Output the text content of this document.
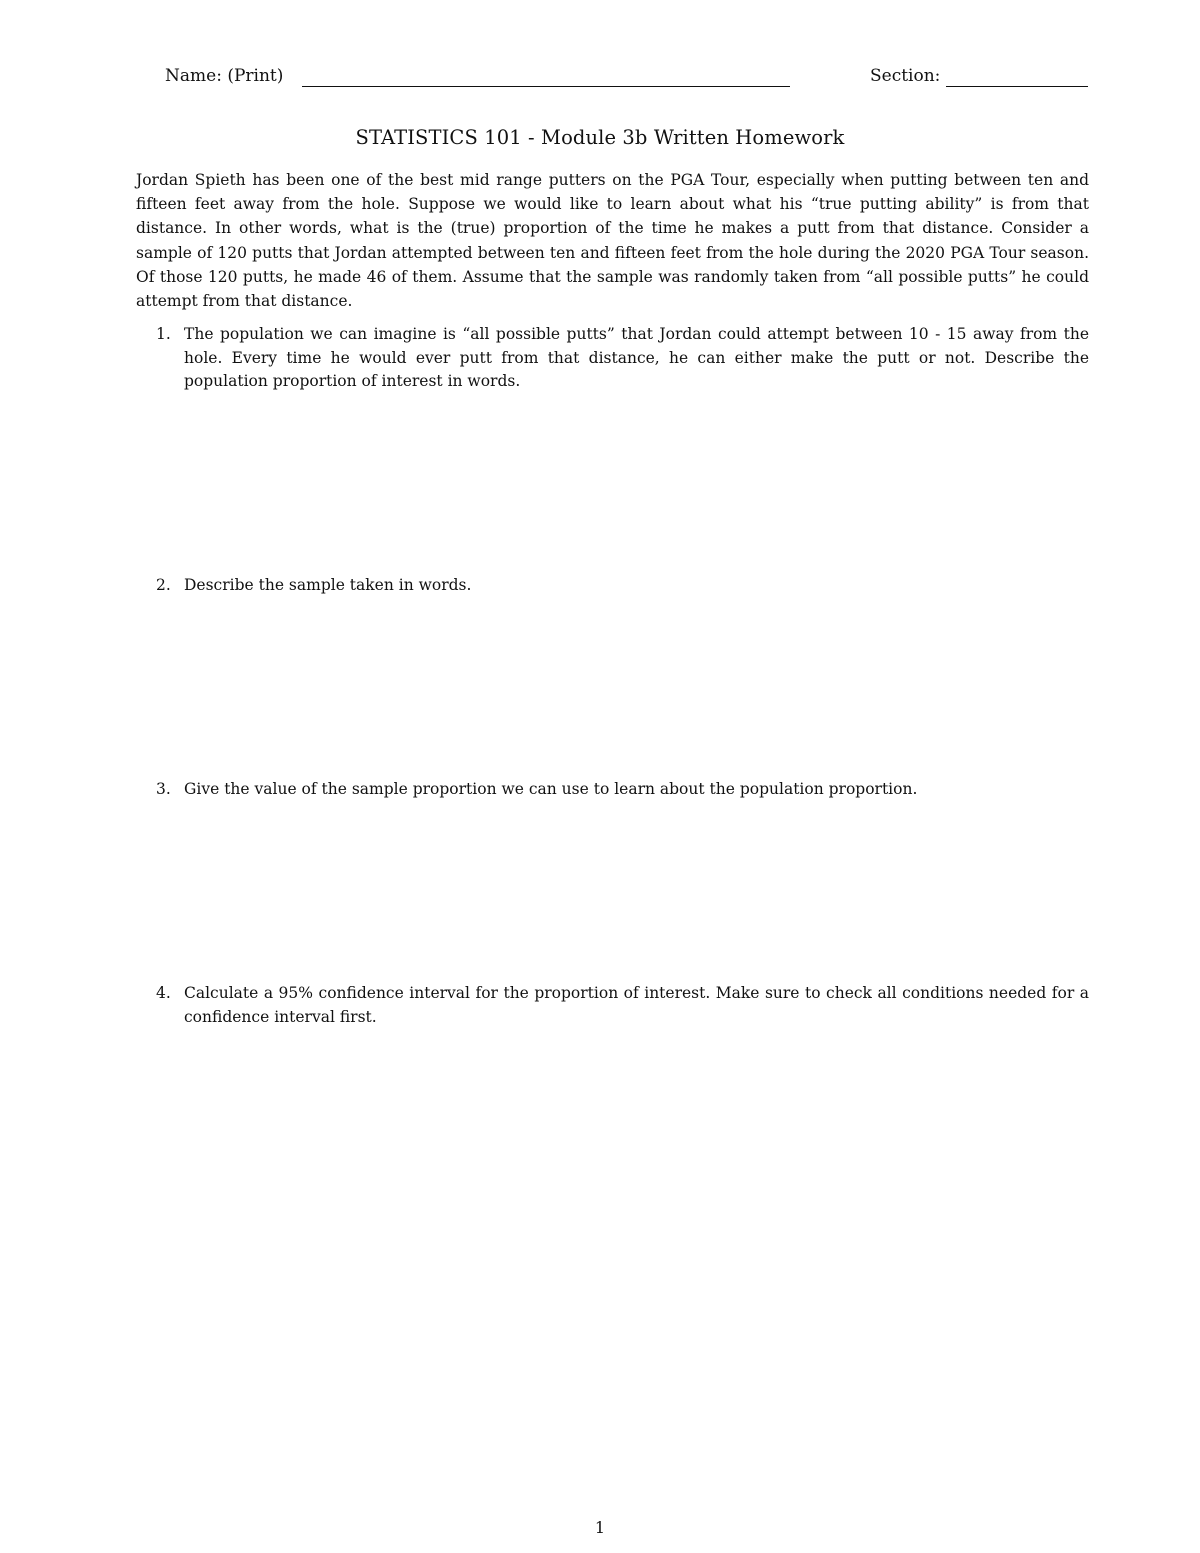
Name: (Print)	Section:
STATISTICS 101 - Module 3b Written Homework

Jordan Spieth has been one of the best mid range putters on the PGA Tour, especially when putting between ten and fifteen feet away from the hole. Suppose we would like to learn about what his “true putting ability” is from that distance. In other words, what is the (true) proportion of the time he makes a putt from that distance. Consider a sample of 120 putts that Jordan attempted between ten and fifteen feet from the hole during the 2020 PGA Tour season. Of those 120 putts, he made 46 of them. Assume that the sample was randomly taken from “all possible putts” he could attempt from that distance.

1. The population we can imagine is “all possible putts” that Jordan could attempt between 10 - 15 away from the hole. Every time he would ever putt from that distance, he can either make the putt or not. Describe the population proportion of interest in words.
2. Describe the sample taken in words.
3. Give the value of the sample proportion we can use to learn about the population proportion.
4. Calculate a 95% confidence interval for the proportion of interest. Make sure to check all conditions needed for a confidence interval first.
1
